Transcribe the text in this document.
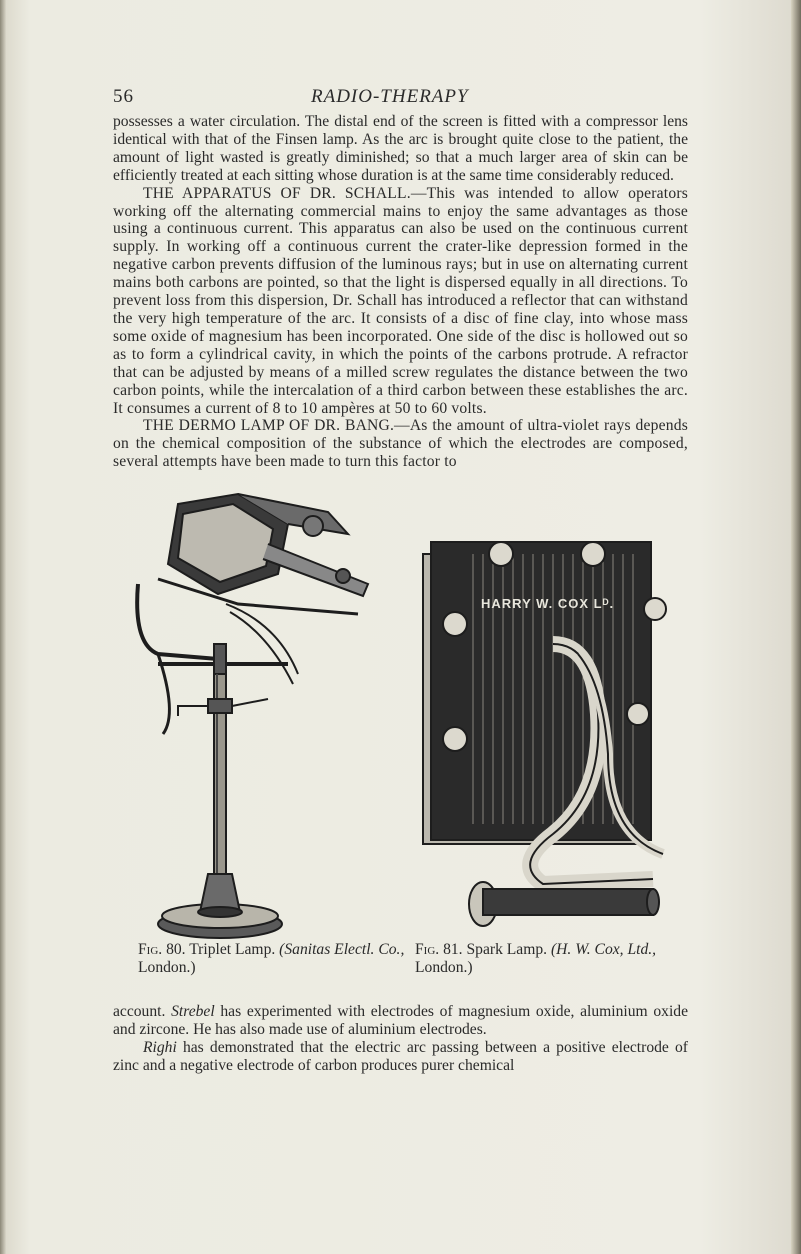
56	RADIO-THERAPY

possesses a water circulation. The distal end of the screen is fitted with a compressor lens identical with that of the Finsen lamp. As the arc is brought quite close to the patient, the amount of light wasted is greatly diminished; so that a much larger area of skin can be efficiently treated at each sitting whose duration is at the same time considerably reduced.

THE APPARATUS OF DR. SCHALL.—This was intended to allow operators working off the alternating commercial mains to enjoy the same advantages as those using a continuous current. This apparatus can also be used on the continuous current supply. In working off a continuous current the crater-like depression formed in the negative carbon prevents diffusion of the luminous rays; but in use on alternating current mains both carbons are pointed, so that the light is dispersed equally in all directions. To prevent loss from this dispersion, Dr. Schall has introduced a reflector that can withstand the very high temperature of the arc. It consists of a disc of fine clay, into whose mass some oxide of magnesium has been incorporated. One side of the disc is hollowed out so as to form a cylindrical cavity, in which the points of the carbons protrude. A refractor that can be adjusted by means of a milled screw regulates the distance between the two carbon points, while the intercalation of a third carbon between these establishes the arc. It consumes a current of 8 to 10 ampères at 50 to 60 volts.

THE DERMO LAMP OF DR. BANG.—As the amount of ultra-violet rays depends on the chemical composition of the substance of which the electrodes are composed, several attempts have been made to turn this factor to

HARRY W. COX Lᴰ.
Fig. 80. Triplet Lamp. (Sanitas Electl. Co., London.)
Fig. 81. Spark Lamp. (H. W. Cox, Ltd., London.)

account. Strebel has experimented with electrodes of magnesium oxide, aluminium oxide and zircone. He has also made use of aluminium electrodes.

Righi has demonstrated that the electric arc passing between a positive electrode of zinc and a negative electrode of carbon produces purer chemical
